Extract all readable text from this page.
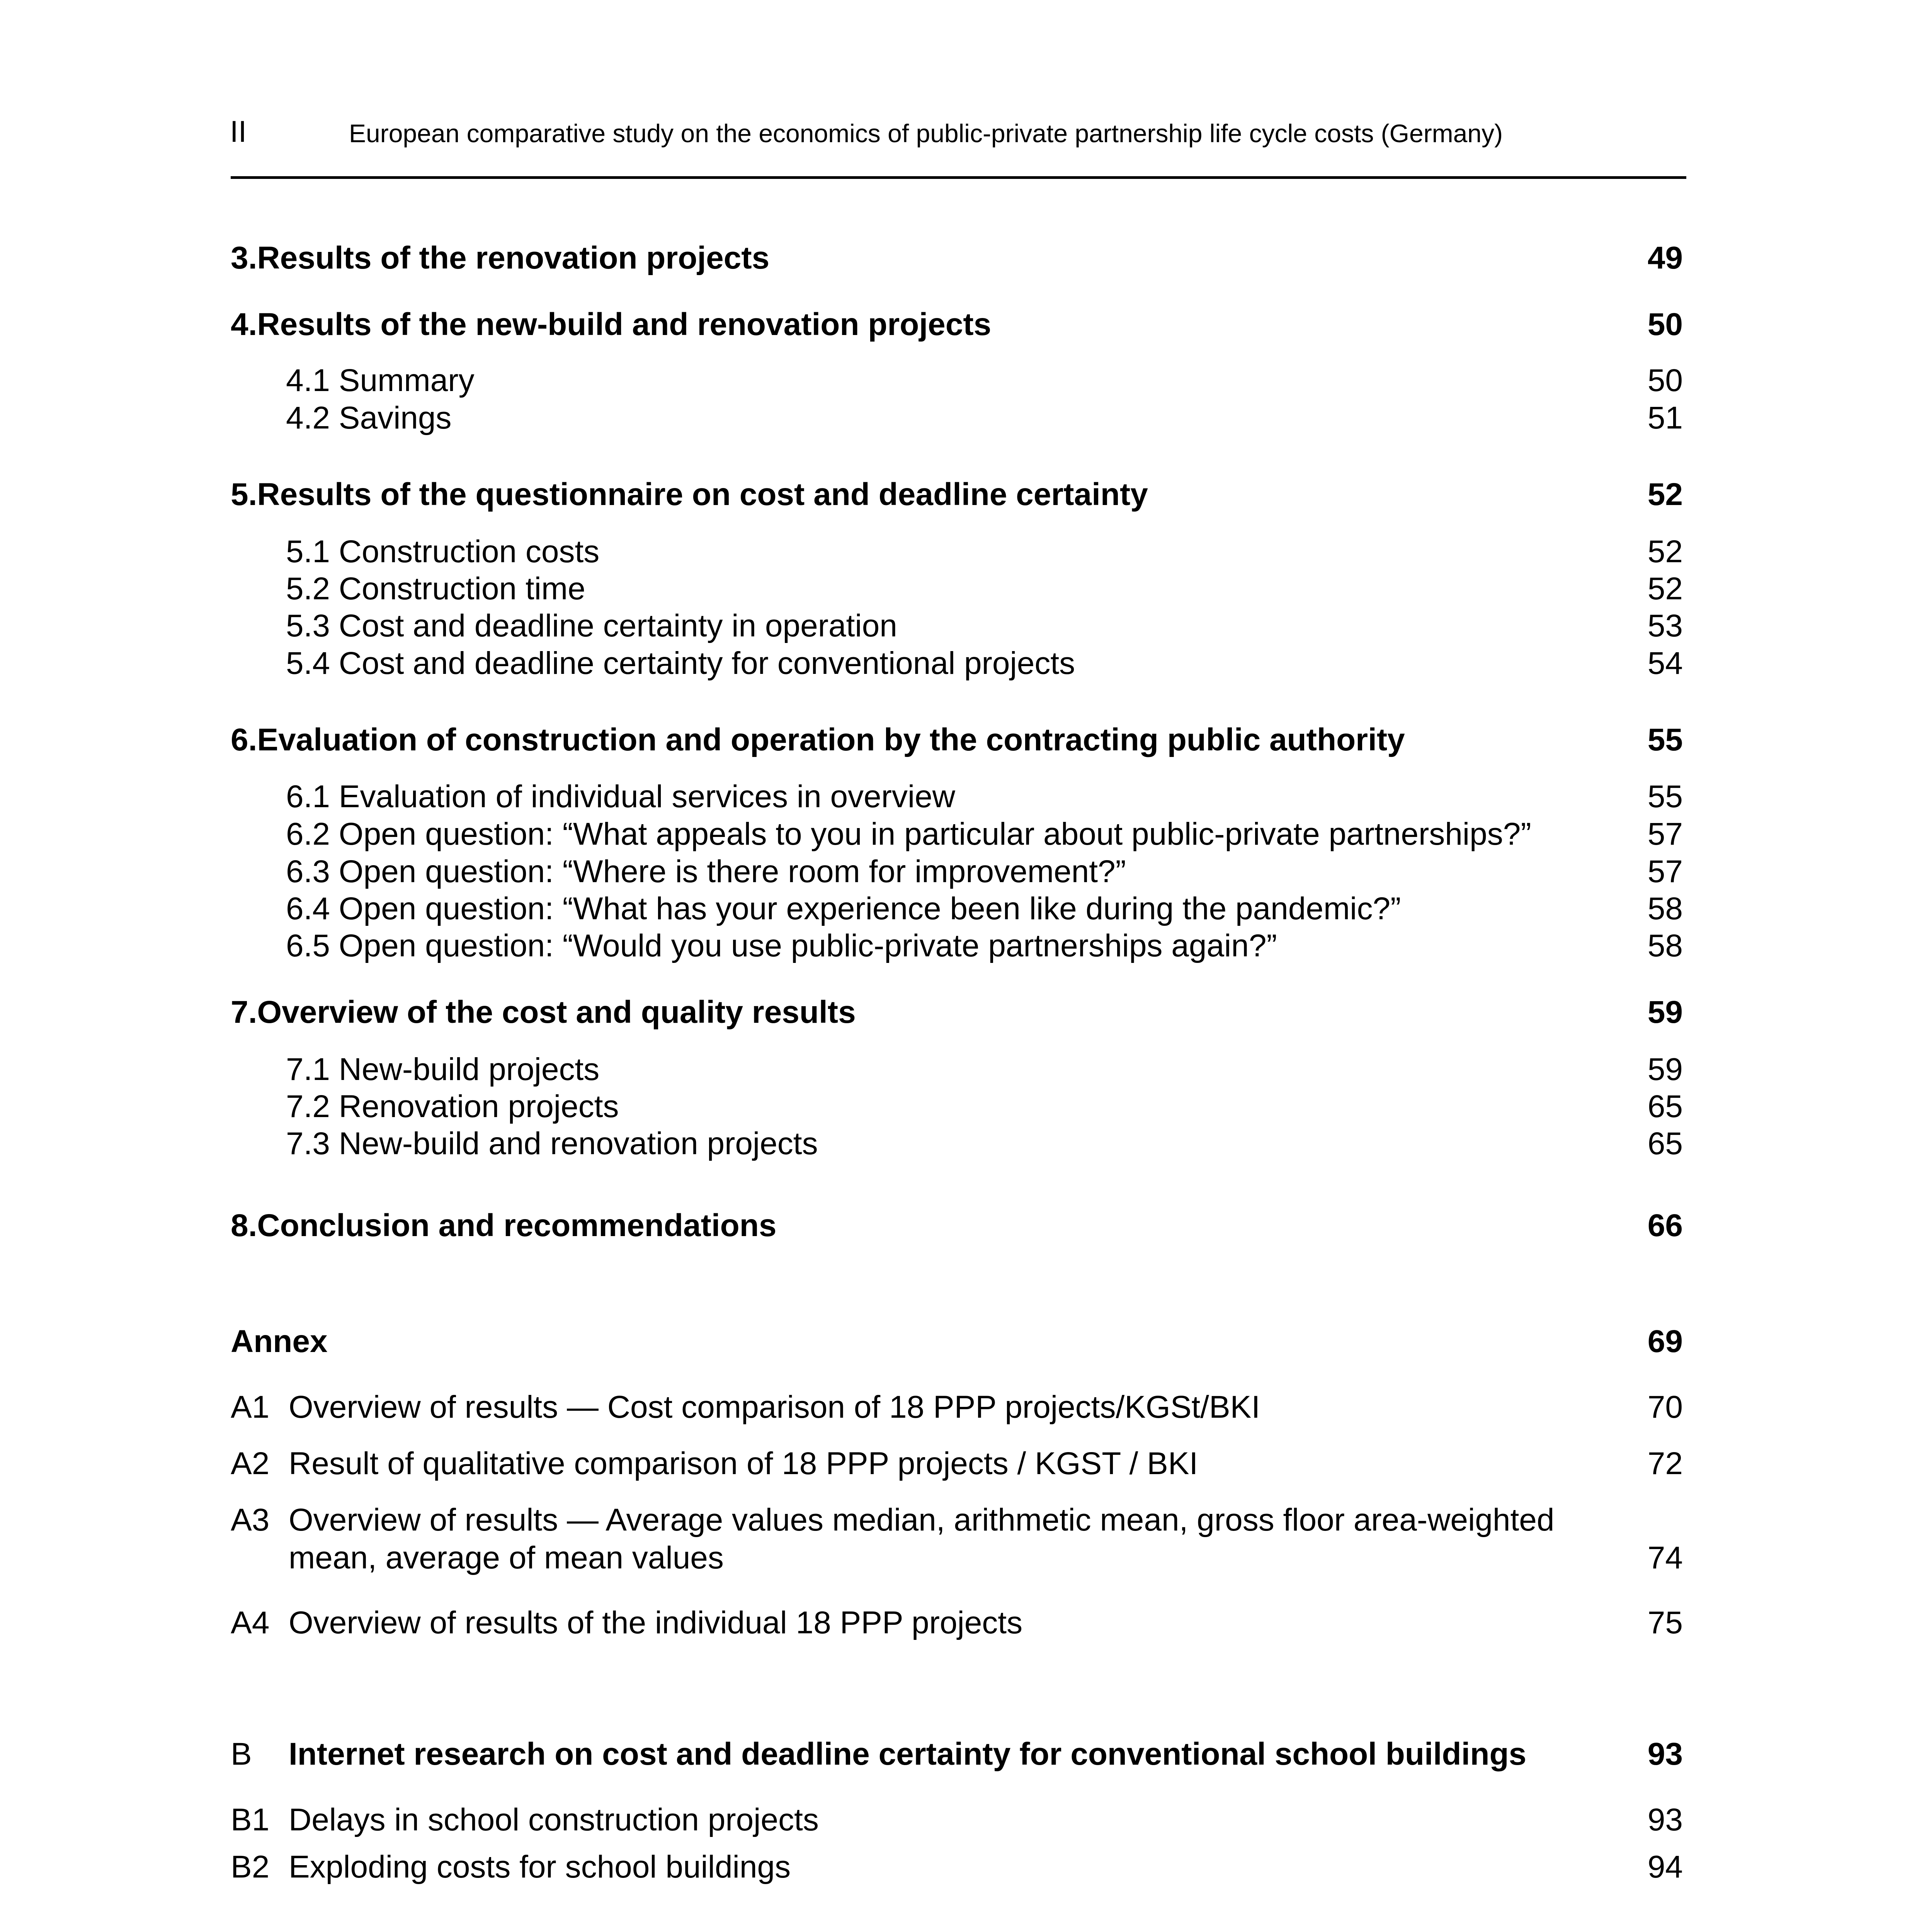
II	European comparative study on the economics of public-private partnership life cycle costs (Germany)
3.Results of the renovation projects	49
4.Results of the new-build and renovation projects	50
4.1 Summary	50
4.2 Savings	51
5.Results of the questionnaire on cost and deadline certainty	52
5.1 Construction costs	52
5.2 Construction time	52
5.3 Cost and deadline certainty in operation	53
5.4 Cost and deadline certainty for conventional projects	54
6.Evaluation of construction and operation by the contracting public authority	55
6.1 Evaluation of individual services in overview	55
6.2 Open question: “What appeals to you in particular about public-private partnerships?”	57
6.3 Open question: “Where is there room for improvement?”	57
6.4 Open question: “What has your experience been like during the pandemic?”	58
6.5 Open question: “Would you use public-private partnerships again?”	58
7.Overview of the cost and quality results	59
7.1 New-build projects	59
7.2 Renovation projects	65
7.3 New-build and renovation projects	65
8.Conclusion and recommendations	66
Annex	69
A1 Overview of results — Cost comparison of 18 PPP projects/KGSt/BKI	70
A2 Result of qualitative comparison of 18 PPP projects / KGST / BKI	72
A3 Overview of results — Average values median, arithmetic mean, gross floor area-weighted
mean, average of mean values	74
A4 Overview of results of the individual 18 PPP projects	75
B Internet research on cost and deadline certainty for conventional school buildings	93
B1 Delays in school construction projects	93
B2 Exploding costs for school buildings	94
